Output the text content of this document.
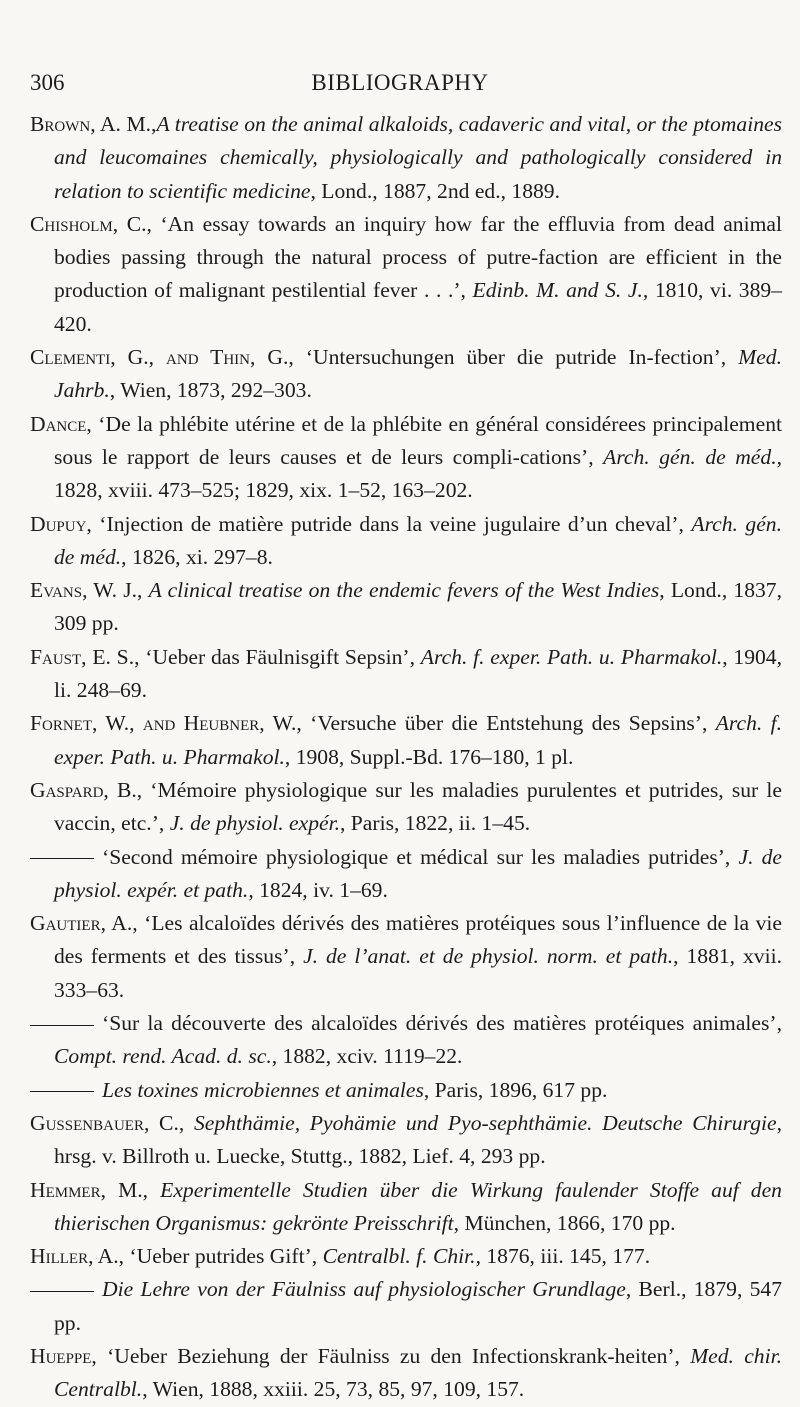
306	BIBLIOGRAPHY

Brown, A. M.,A treatise on the animal alkaloids, cadaveric and vital, or the ptomaines and leucomaines chemically, physiologically and pathologically considered in relation to scientific medicine, Lond., 1887, 2nd ed., 1889.

Chisholm, C., ‘An essay towards an inquiry how far the effluvia from dead animal bodies passing through the natural process of putre-faction are efficient in the production of malignant pestilential fever . . .’, Edinb. M. and S. J., 1810, vi. 389–420.

Clementi, G., and Thin, G., ‘Untersuchungen über die putride In-fection’, Med. Jahrb., Wien, 1873, 292–303.

Dance, ‘De la phlébite utérine et de la phlébite en général considérees principalement sous le rapport de leurs causes et de leurs compli-cations’, Arch. gén. de méd., 1828, xviii. 473–525; 1829, xix. 1–52, 163–202.

Dupuy, ‘Injection de matière putride dans la veine jugulaire d’un cheval’, Arch. gén. de méd., 1826, xi. 297–8.

Evans, W. J., A clinical treatise on the endemic fevers of the West Indies, Lond., 1837, 309 pp.

Faust, E. S., ‘Ueber das Fäulnisgift Sepsin’, Arch. f. exper. Path. u. Pharmakol., 1904, li. 248–69.

Fornet, W., and Heubner, W., ‘Versuche über die Entstehung des Sepsins’, Arch. f. exper. Path. u. Pharmakol., 1908, Suppl.-Bd. 176–180, 1 pl.

Gaspard, B., ‘Mémoire physiologique sur les maladies purulentes et putrides, sur le vaccin, etc.’, J. de physiol. expér., Paris, 1822, ii. 1–45.

‘Second mémoire physiologique et médical sur les maladies putrides’, J. de physiol. expér. et path., 1824, iv. 1–69.

Gautier, A., ‘Les alcaloïdes dérivés des matières protéiques sous l’influence de la vie des ferments et des tissus’, J. de l’anat. et de physiol. norm. et path., 1881, xvii. 333–63.

‘Sur la découverte des alcaloïdes dérivés des matières protéiques animales’, Compt. rend. Acad. d. sc., 1882, xciv. 1119–22.

Les toxines microbiennes et animales, Paris, 1896, 617 pp.

Gussenbauer, C., Sephthämie, Pyohämie und Pyo-sephthämie. Deutsche Chirurgie, hrsg. v. Billroth u. Luecke, Stuttg., 1882, Lief. 4, 293 pp.

Hemmer, M., Experimentelle Studien über die Wirkung faulender Stoffe auf den thierischen Organismus: gekrönte Preisschrift, München, 1866, 170 pp.

Hiller, A., ‘Ueber putrides Gift’, Centralbl. f. Chir., 1876, iii. 145, 177.

Die Lehre von der Fäulniss auf physiologischer Grundlage, Berl., 1879, 547 pp.

Hueppe, ‘Ueber Beziehung der Fäulniss zu den Infectionskrank-heiten’, Med. chir. Centralbl., Wien, 1888, xxiii. 25, 73, 85, 97, 109, 157.
